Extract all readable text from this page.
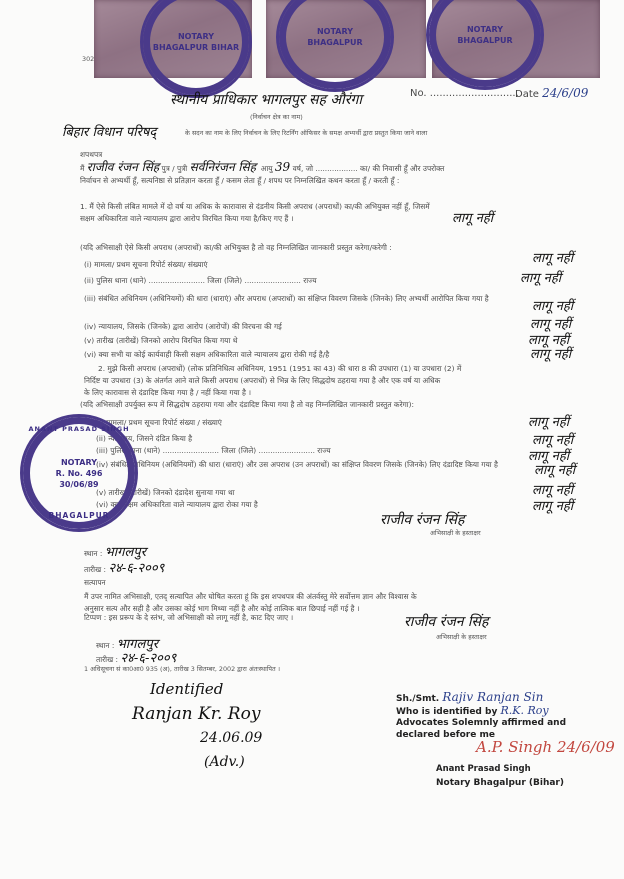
NOTARY
BHAGALPUR BIHAR
NOTARY
BHAGALPUR
NOTARY
BHAGALPUR
302
No. ............................
Date 24/6/09
स्थानीय प्राधिकार भागलपुर सह औरंगा
(निर्वाचन क्षेत्र का नाम)
बिहार विधान परिषद्	के सदन का नाम के लिए निर्वाचन के लिए रिटर्निंग ऑफिसर के समक्ष अभ्यर्थी द्वारा प्रस्तुत किया जाने वाला
शपथपत्र
मैं राजीव रंजन सिंह पुत्र / पुत्री सर्वनिरंजन सिंह आयु 39 वर्ष, जो .................. का/ की निवासी हूँ और उपरोक्त
निर्वाचन से अभ्यर्थी हूँ, सत्यनिष्ठा से प्रतिज्ञान करता हूँ / कसम लेता हूँ / शपथ पर निम्नलिखित कथन करता हूँ / करती हूँ :
1. मैं ऐसे किसी लंबित मामले में दो वर्ष या अधिक के कारावास से दंडनीय किसी अपराध (अपराधों) का/की अभियुक्त नहीं हूँ, जिसमें
सक्षम अधिकारिता वाले न्यायालय द्वारा आरोप विरचित किया गया है/किए गए हैं ।	लागू नहीं
(यदि अभिसाक्षी ऐसे किसी अपराध (अपराधों) का/की अभियुक्त है तो वह निम्नलिखित जानकारी प्रस्तुत करेगा/करेगी :
(i) मामला/ प्रथम सूचना रिपोर्ट संख्या/ संख्याएं	लागू नहीं
(ii) पुलिस थाना (थाने) ........................ जिला (जिले) ........................ राज्य	लागू नहीं
(iii) संबंधित अधिनियम (अधिनियमों) की धारा (धाराएं) और अपराध (अपराधों) का संक्षिप्त विवरण जिसके (जिनके) लिए अभ्यर्थी आरोपित किया गया है
लागू नहीं
(iv) न्यायालय, जिसके (जिनके) द्वारा आरोप (आरोपों) की विरचना की गई	लागू नहीं
(v) तारीख (तारीखें) जिनको आरोप विरचित किया गया थे	लागू नहीं
(vi) क्या सभी या कोई कार्यवाही किसी सक्षम अधिकारिता वाले न्यायालय द्वारा रोकी गई है/है	लागू नहीं
2. मुझे किसी अपराध (अपराधों) (लोक प्रतिनिधित्व अधिनियम, 1951 (1951 का 43) की धारा 8 की उपधारा (1) या उपधारा (2) में
निर्दिष्ट या उपधारा (3) के अंतर्गत आने वाले किसी अपराध (अपराधों) से भिन्न के लिए सिद्धदोष ठहराया गया है और एक वर्ष या अधिक
के लिए कारावास से दंडादिष्ट किया गया है / नहीं किया गया है ।
(यदि अभिसाक्षी उपर्युक्त रूप में सिद्धदोष ठहराया गया और दंडादिष्ट किया गया है तो वह निम्नलिखित जानकारी प्रस्तुत करेगा):
(i) मामला/ प्रथम सूचना रिपोर्ट संख्या / संख्याएं	लागू नहीं
(ii) न्यायालय, जिसने दंडित किया है	लागू नहीं
(iii) पुलिस थाना (थाने) ........................ जिला (जिले) ........................ राज्य	लागू नहीं
(iv) संबंधित अधिनियम (अधिनियमों) की धारा (धाराएं) और उस अपराध (उन अपराधों) का संक्षिप्त विवरण जिसके (जिनके) लिए दंडादिष्ट किया गया है	लागू नहीं
(v) तारीख (तारीखें) जिनको दंडादेश सुनाया गया था	लागू नहीं
(vi) क्या सक्षम अधिकारिता वाले न्यायालय द्वारा रोका गया है	लागू नहीं
राजीव रंजन सिंह
अभिसाक्षी के हस्ताक्षर
स्थान : भागलपुर
तारीख : २४-६-२००९
सत्यापन
मैं उपर नामित अभिसाक्षी, एतद् सत्यापित और घोषित करता हूं कि इस शपथपत्र की अंतर्वस्तु मेरे सर्वोत्तम ज्ञान और विश्वास के
अनुसार सत्य और सही है और उसका कोई भाग मिथ्या नहीं है और कोई तात्विक बात छिपाई नहीं गई है ।
टिप्पण : इस प्ररूप के दे स्तंभ, जो अभिसाक्षी को लागू नहीं है, काट दिए जाए ।	राजीव रंजन सिंह
अभिसाक्षी के हस्ताक्षर
स्थान : भागलपुर
तारीख : २४-६-२००९
1 अधिसूचना सं का0आ0 935 (अ), तारीख 3 सितम्बर, 2002 द्वारा अंतःस्थापित ।
NOTARY
R. No. 496
30/06/89
ANANT PRASAD SINGH
BHAGALPUR
Identified
Ranjan Kr. Roy
24.06.09
(Adv.)
Sh./Smt. Rajiv Ranjan Sin
Who is identified by R.K. Roy
Advocates Solemnly affirmed and
declared before me
A.P. Singh 24/6/09
Anant Prasad Singh
Notary Bhagalpur (Bihar)
